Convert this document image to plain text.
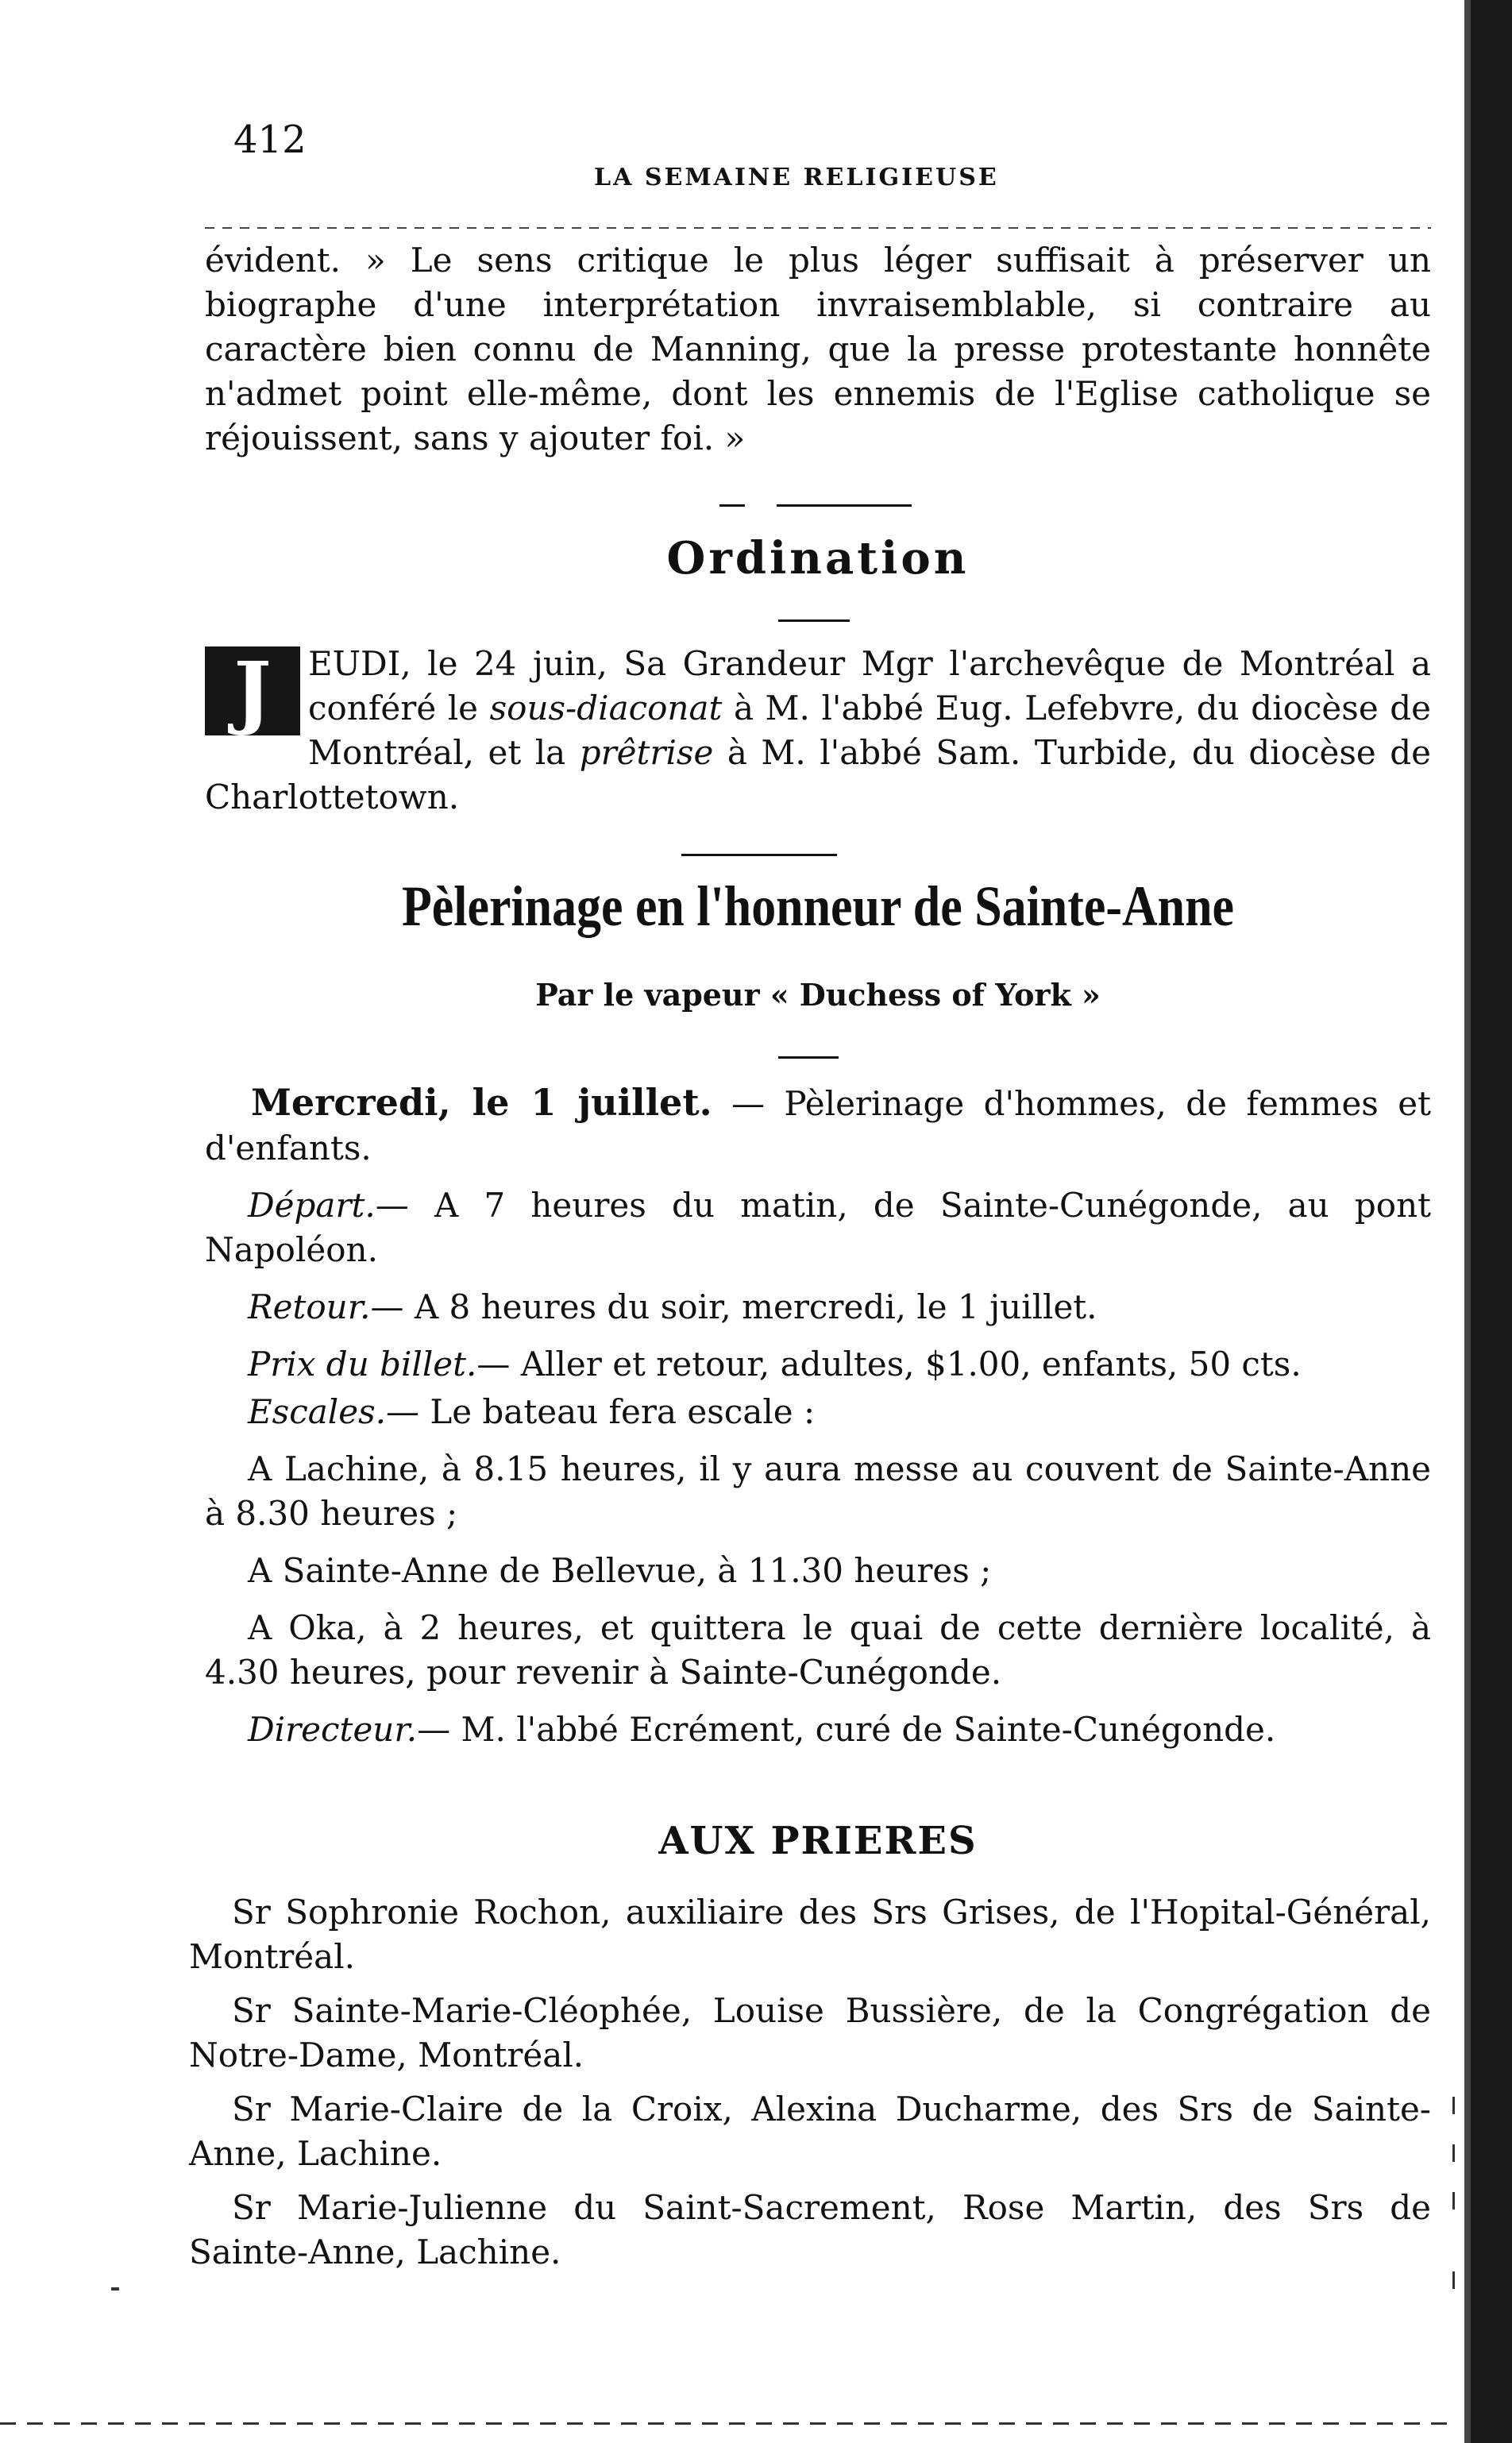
412
LA SEMAINE RELIGIEUSE
évident. » Le sens critique le plus léger suffisait à préserver un biographe d'une interprétation invraisemblable, si contraire au caractère bien connu de Manning, que la presse protestante honnête n'admet point elle-même, dont les ennemis de l'Eglise catholique se réjouissent, sans y ajouter foi. »
Ordination
J	EUDI, le 24 juin, Sa Grandeur Mgr l'archevêque de Montréal a conféré le sous-diaconat à M. l'abbé Eug. Lefebvre, du diocèse de Montréal, et la prêtrise à M. l'abbé Sam. Turbide, du diocèse de Charlottetown.
Pèlerinage en l'honneur de Sainte-Anne
Par le vapeur « Duchess of York »

Mercredi, le 1 juillet. — Pèlerinage d'hommes, de femmes et d'enfants.

Départ.— A 7 heures du matin, de Sainte-Cunégonde, au pont Napoléon.

Retour.— A 8 heures du soir, mercredi, le 1 juillet.

Prix du billet.— Aller et retour, adultes, $1.00, enfants, 50 cts.

Escales.— Le bateau fera escale :

A Lachine, à 8.15 heures, il y aura messe au couvent de Sainte-Anne à 8.30 heures ;

A Sainte-Anne de Bellevue, à 11.30 heures ;

A Oka, à 2 heures, et quittera le quai de cette dernière localité, à 4.30 heures, pour revenir à Sainte-Cunégonde.

Directeur.— M. l'abbé Ecrément, curé de Sainte-Cunégonde.

AUX PRIERES

Sr Sophronie Rochon, auxiliaire des Srs Grises, de l'Hopital-Général, Montréal.

Sr Sainte-Marie-Cléophée, Louise Bussière, de la Congrégation de Notre-Dame, Montréal.

Sr Marie-Claire de la Croix, Alexina Ducharme, des Srs de Sainte-Anne, Lachine.

Sr Marie-Julienne du Saint-Sacrement, Rose Martin, des Srs de Sainte-Anne, Lachine.
